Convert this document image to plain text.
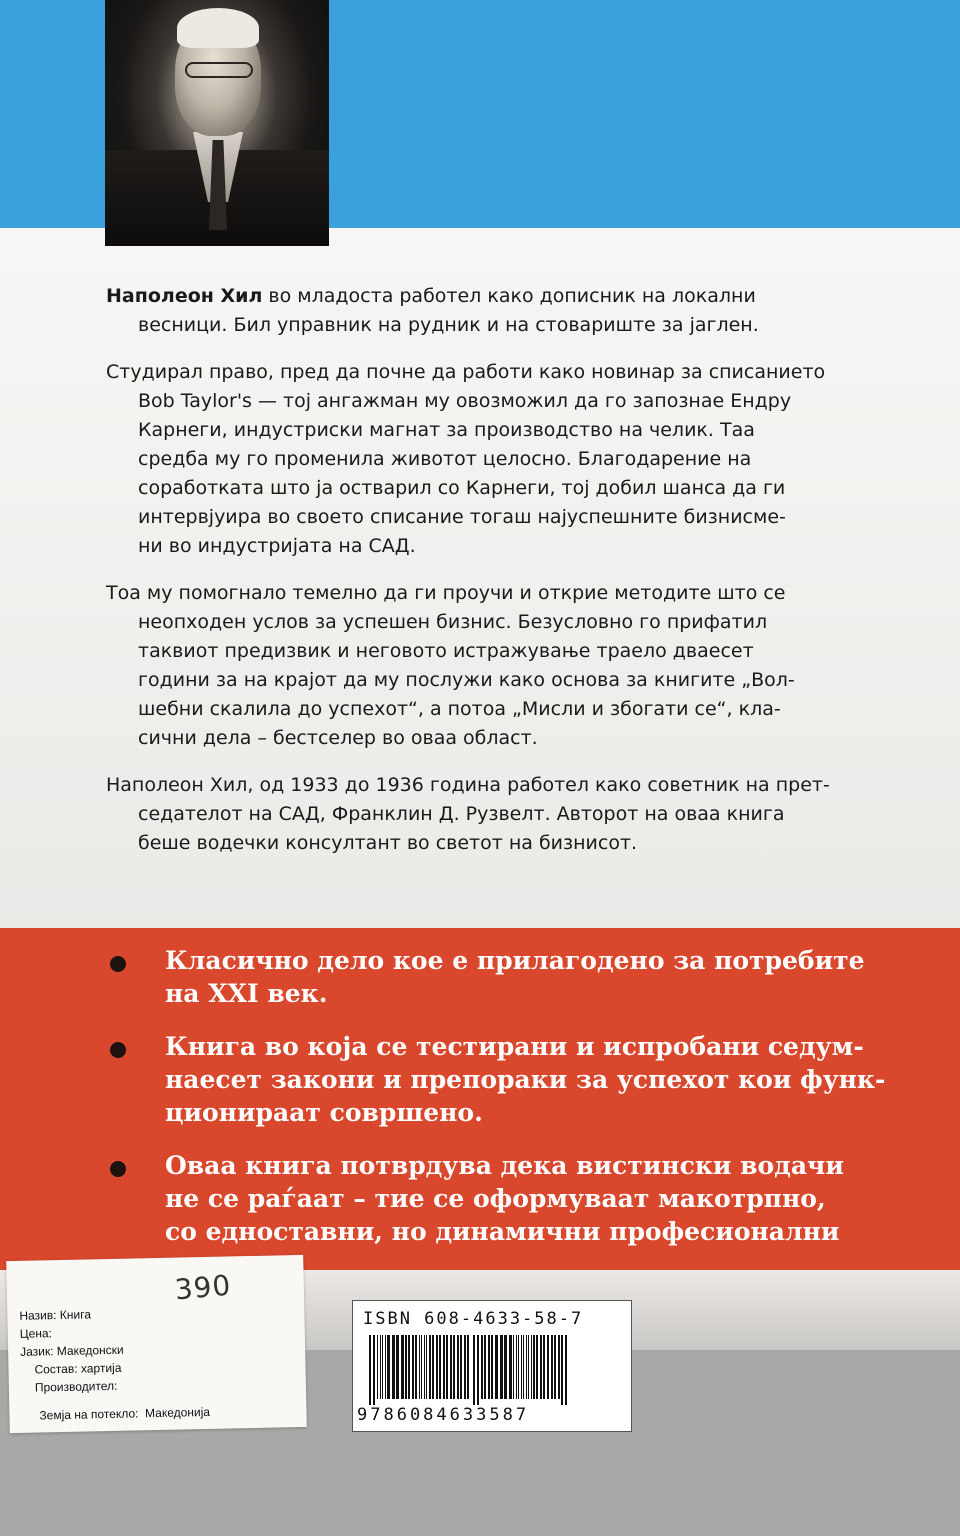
Наполеон Хил во младоста работел како дописник на локални
весници. Бил управник на рудник и на стовариште за јаглен.

Студирал право, пред да почне да работи како новинар за списанието
Bob Taylor's — тој ангажман му овозможил да го запознае Ендру
Карнеги, индустриски магнат за производство на челик. Таа
средба му го променила животот целосно. Благодарение на
соработката што ја остварил со Карнеги, тој добил шанса да ги
интервјуира во своето списание тогаш најуспешните бизнисме-
ни во индустријата на САД.

Тоа му помогнало темелно да ги проучи и открие методите што се
неопходен услов за успешен бизнис. Безусловно го прифатил
таквиот предизвик и неговото истражување траело дваесет
години за на крајот да му послужи како основа за книгите „Вол-
шебни скалила до успехот“, а потоа „Мисли и збогати се“, кла-
сични дела – бестселер во оваа област.

Наполеон Хил, од 1933 до 1936 година работел како советник на прет-
седателот на САД, Франклин Д. Рузвелт. Авторот на оваа книга
беше водечки консултант во светот на бизнисот.

Класично дело кое е прилагодено за потребите
на XXI век.
Книга во која се тестирани и испробани седум-
наесет закони и препораки за успехот кои функ-
ционираат совршено.
Оваа книга потврдува дека вистински водачи
не се раѓаат – тие се оформуваат макотрпно,
со едноставни, но динамични професионални
390
Назив: Книга
Цена:
Јазик: Македонски
Состав: хартија
Производител:
Земја на потекло: Македонија
ISBN 608-4633-58-7
9786084633587
